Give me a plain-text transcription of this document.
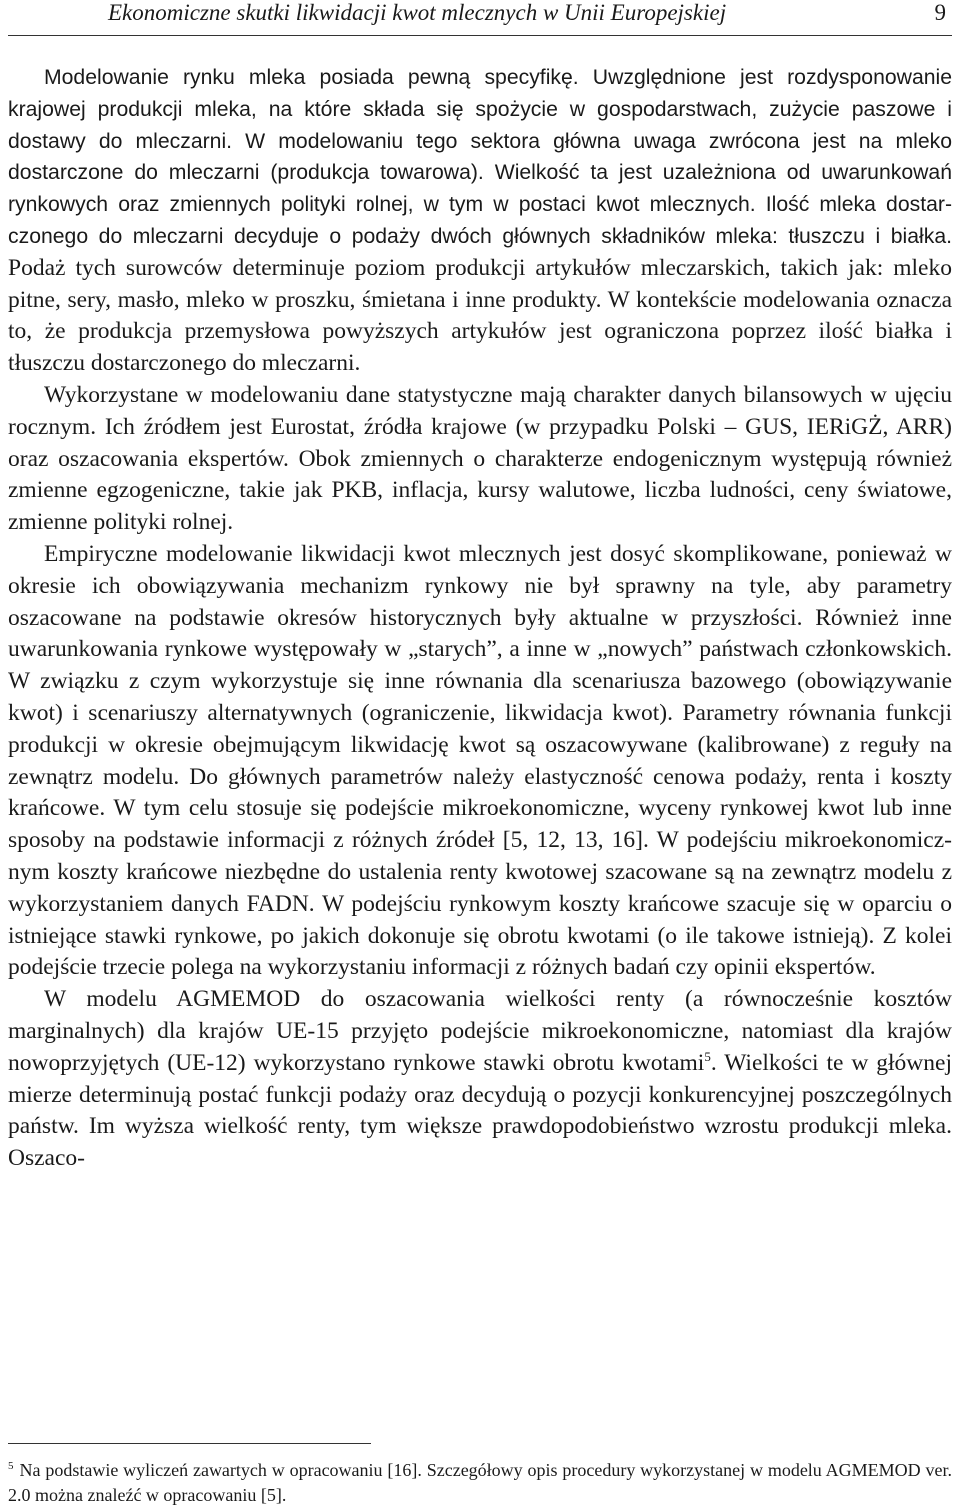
Ekonomiczne skutki likwidacji kwot mlecznych w Unii Europejskiej	9

Modelowanie rynku mleka posiada pewną specyfikę. Uwzględnione jest rozdysponowanie krajowej produkcji mleka, na które składa się spożycie w gospodarstwach, zużycie paszowe i dostawy do mleczarni. W modelowaniu tego sektora główna uwaga zwrócona jest na mleko dostarczone do mleczarni (produkcja towarowa). Wielkość ta jest uzależniona od uwarunkowań rynkowych oraz zmiennych polityki rolnej, w tym w postaci kwot mlecznych. Ilość mleka dostarczonego do mleczarni decyduje o podaży dwóch głównych składników mleka: tłuszczu i białka. Podaż tych surowców determinuje poziom produkcji artykułów mleczarskich, takich jak: mleko pitne, sery, masło, mleko w proszku, śmietana i inne produkty. W kontekście modelowania oznacza to, że produkcja przemysłowa powyższych artykułów jest ograniczona poprzez ilość białka i tłuszczu dostarczonego do mleczarni.

Wykorzystane w modelowaniu dane statystyczne mają charakter danych bilansowych w ujęciu rocznym. Ich źródłem jest Eurostat, źródła krajowe (w przypadku Polski – GUS, IERiGŻ, ARR) oraz oszacowania ekspertów. Obok zmiennych o charakterze endogenicznym występują również zmienne egzogeniczne, takie jak PKB, inflacja, kursy walutowe, liczba ludności, ceny światowe, zmienne polityki rolnej.

Empiryczne modelowanie likwidacji kwot mlecznych jest dosyć skomplikowane, ponieważ w okresie ich obowiązywania mechanizm rynkowy nie był sprawny na tyle, aby parametry oszacowane na podstawie okresów historycznych były aktualne w przyszłości. Również inne uwarunkowania rynkowe występowały w „starych”, a inne w „nowych” państwach członkowskich. W związku z czym wykorzystuje się inne równania dla scenariusza bazowego (obowiązywanie kwot) i scenariuszy alternatywnych (ograniczenie, likwidacja kwot). Parametry równania funkcji produkcji w okresie obejmującym likwidację kwot są oszacowywane (kalibrowane) z reguły na zewnątrz modelu. Do głównych parametrów należy elastyczność cenowa podaży, renta i koszty krańcowe. W tym celu stosuje się podejście mikroekonomiczne, wyceny rynkowej kwot lub inne sposoby na podstawie informacji z różnych źródeł [5, 12, 13, 16]. W podejściu mikroekonomicznym koszty krańcowe niezbędne do ustalenia renty kwotowej szacowane są na zewnątrz modelu z wykorzystaniem danych FADN. W podejściu rynkowym koszty krańcowe szacuje się w oparciu o istniejące stawki rynkowe, po jakich dokonuje się obrotu kwotami (o ile takowe istnieją). Z kolei podejście trzecie polega na wykorzystaniu informacji z różnych badań czy opinii ekspertów.

W modelu AGMEMOD do oszacowania wielkości renty (a równocześnie kosztów marginalnych) dla krajów UE-15 przyjęto podejście mikroekonomiczne, natomiast dla krajów nowoprzyjętych (UE-12) wykorzystano rynkowe stawki obrotu kwotami$^5$. Wielkości te w głównej mierze determinują postać funkcji podaży oraz decydują o pozycji konkurencyjnej poszczególnych państw. Im wyższa wielkość renty, tym większe prawdopodobieństwo wzrostu produkcji mleka. Oszaco-

$^5$ Na podstawie wyliczeń zawartych w opracowaniu [16]. Szczegółowy opis procedury wykorzystanej w modelu AGMEMOD ver. 2.0 można znaleźć w opracowaniu [5].
